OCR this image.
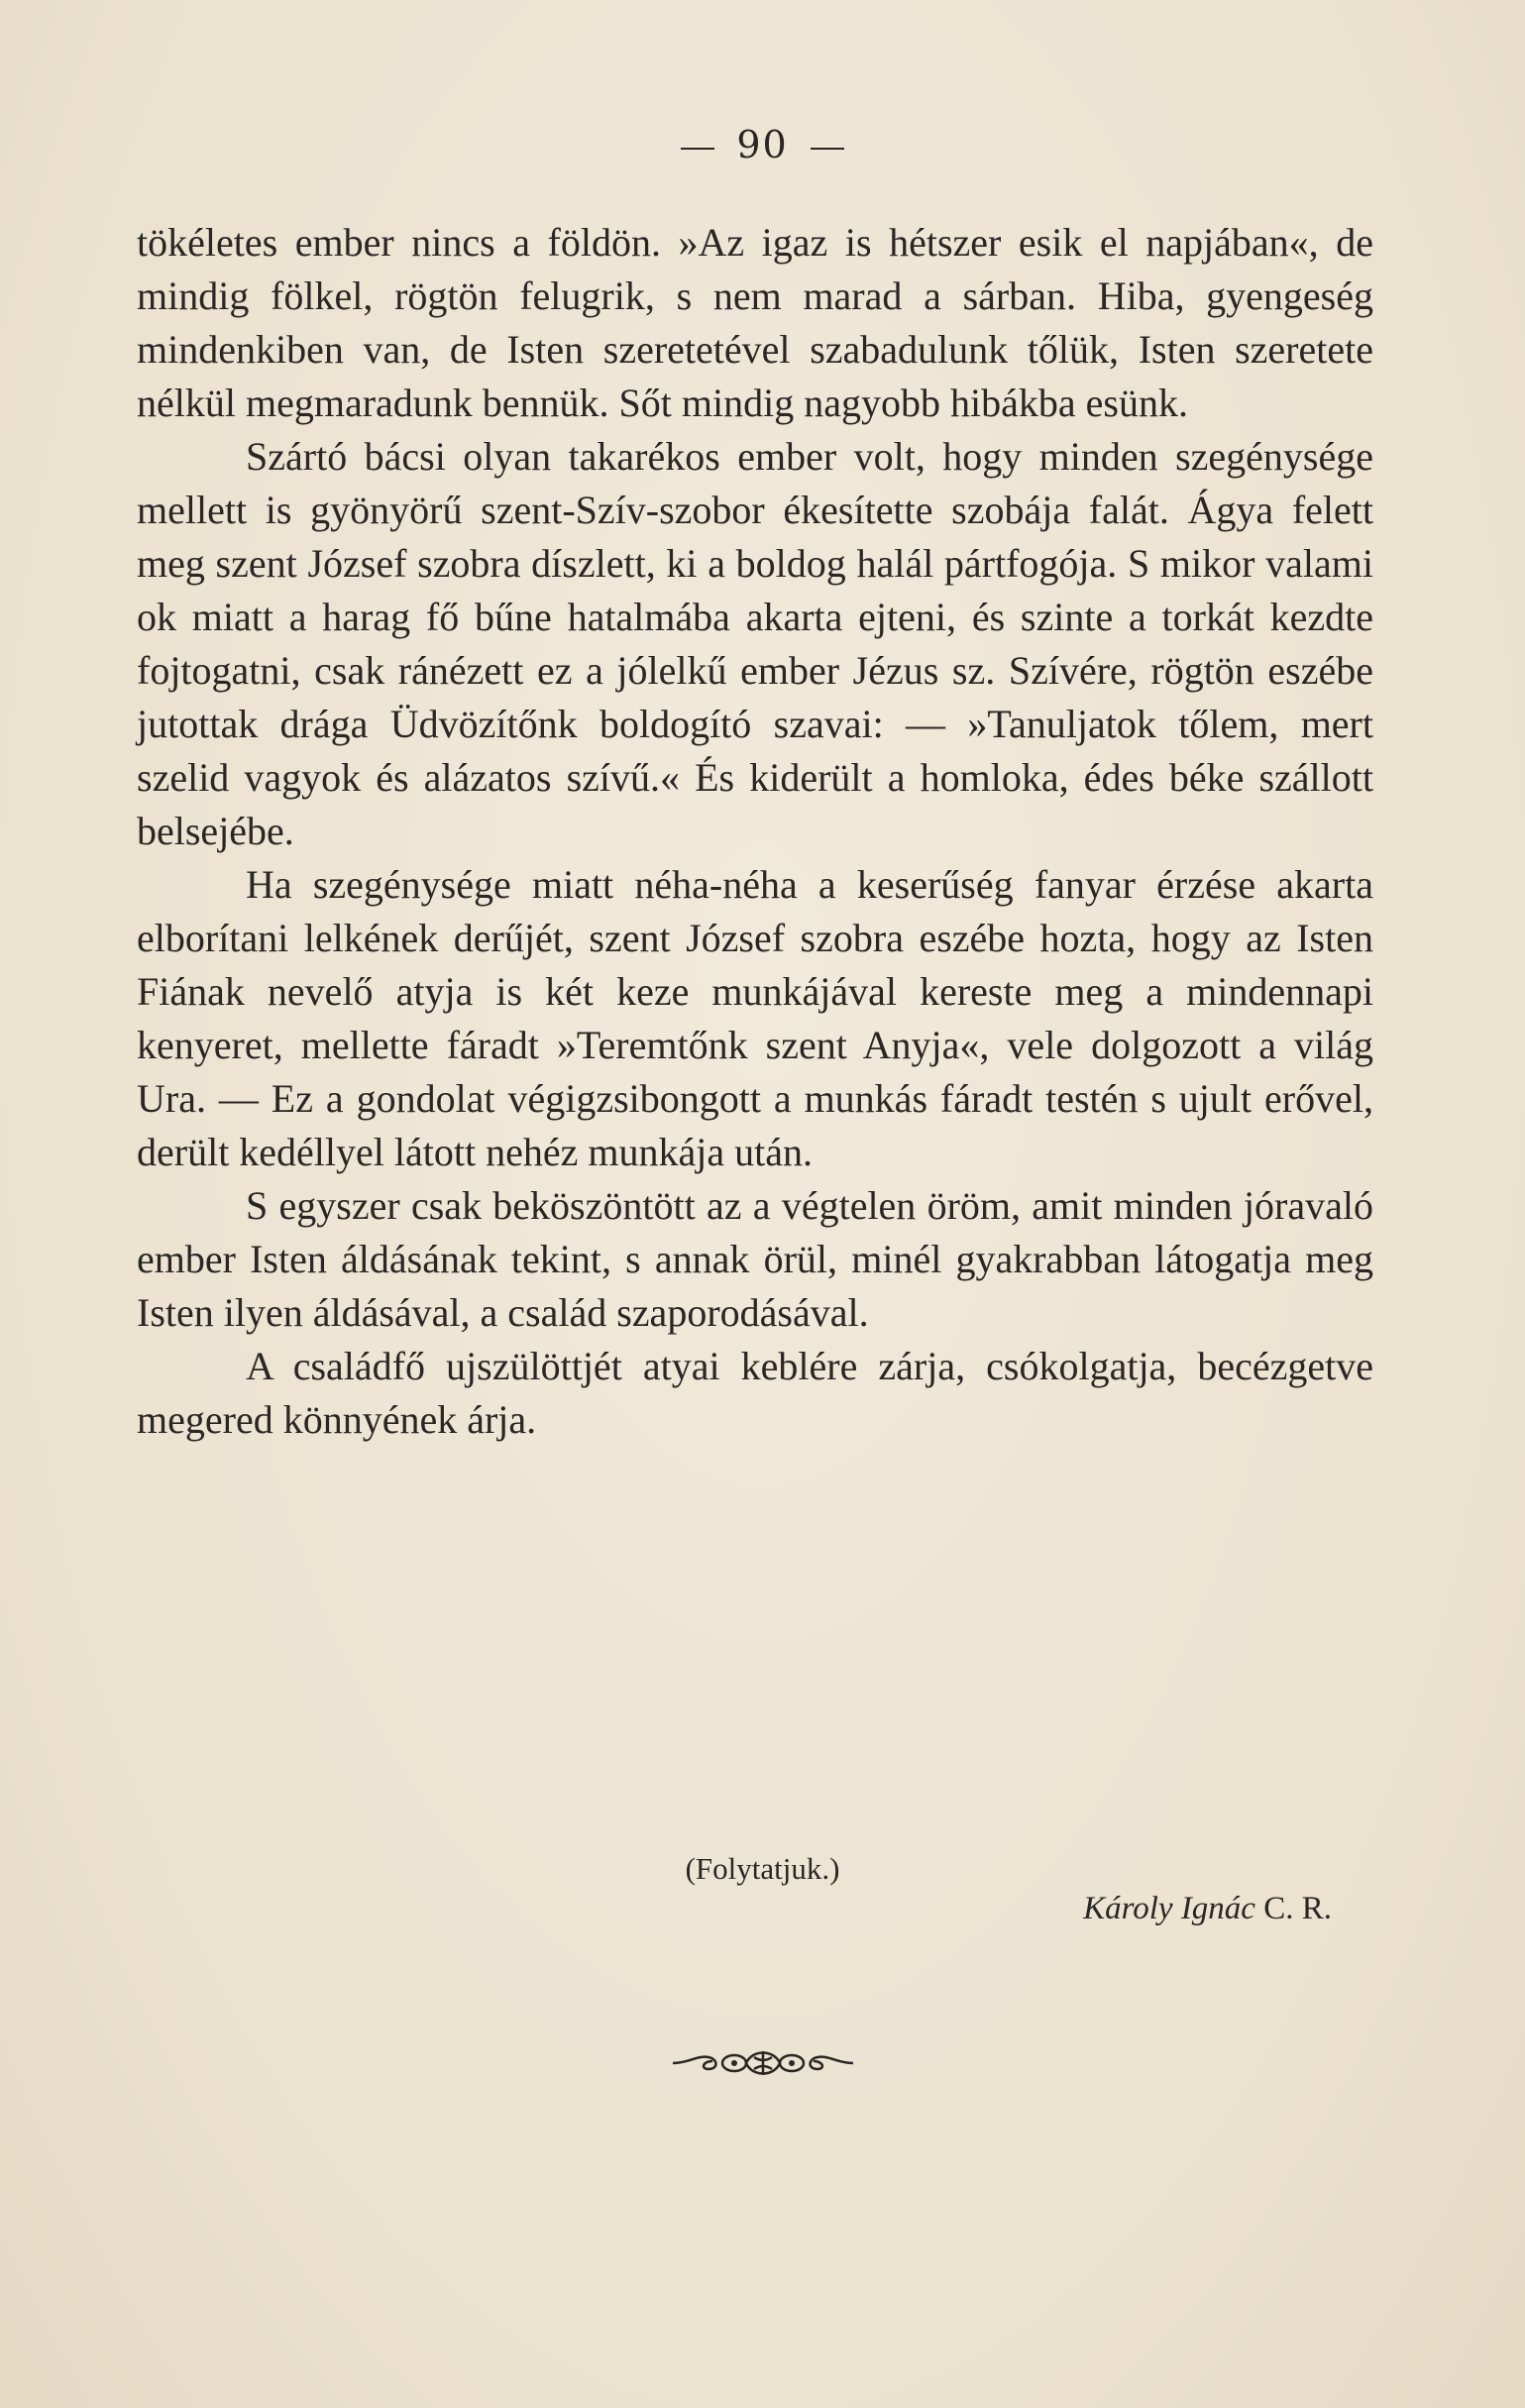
90

tökéletes ember nincs a földön. »Az igaz is hétszer esik el napjában«, de mindig fölkel, rögtön felugrik, s nem marad a sárban. Hiba, gyengeség mindenkiben van, de Isten szeretetével szabadulunk tőlük, Isten szeretete nélkül megmaradunk bennük. Sőt mindig nagyobb hibákba esünk.

Szártó bácsi olyan takarékos ember volt, hogy minden szegénysége mellett is gyönyörű szent-Szív-szobor ékesítette szobája falát. Ágya felett meg szent József szobra díszlett, ki a boldog halál pártfogója. S mikor valami ok miatt a harag fő bűne hatalmába akarta ejteni, és szinte a torkát kezdte fojtogatni, csak ránézett ez a jólelkű ember Jézus sz. Szívére, rögtön eszébe jutottak drága Üdvözítőnk boldogító szavai: — »Tanuljatok tőlem, mert szelid vagyok és alázatos szívű.« És kiderült a homloka, édes béke szállott belsejébe.

Ha szegénysége miatt néha-néha a keserűség fanyar érzése akarta elborítani lelkének derűjét, szent József szobra eszébe hozta, hogy az Isten Fiának nevelő atyja is két keze munkájával kereste meg a mindennapi kenyeret, mellette fáradt »Teremtőnk szent Anyja«, vele dolgozott a világ Ura. — Ez a gondolat végigzsibongott a munkás fáradt testén s ujult erővel, derült kedéllyel látott nehéz munkája után.

S egyszer csak beköszöntött az a végtelen öröm, amit minden jóravaló ember Isten áldásának tekint, s annak örül, minél gyakrabban látogatja meg Isten ilyen áldásával, a család szaporodásával.

A családfő ujszülöttjét atyai keblére zárja, csókolgatja, becézgetve megered könnyének árja.

(Folytatjuk.)
Károly Ignác C. R.
